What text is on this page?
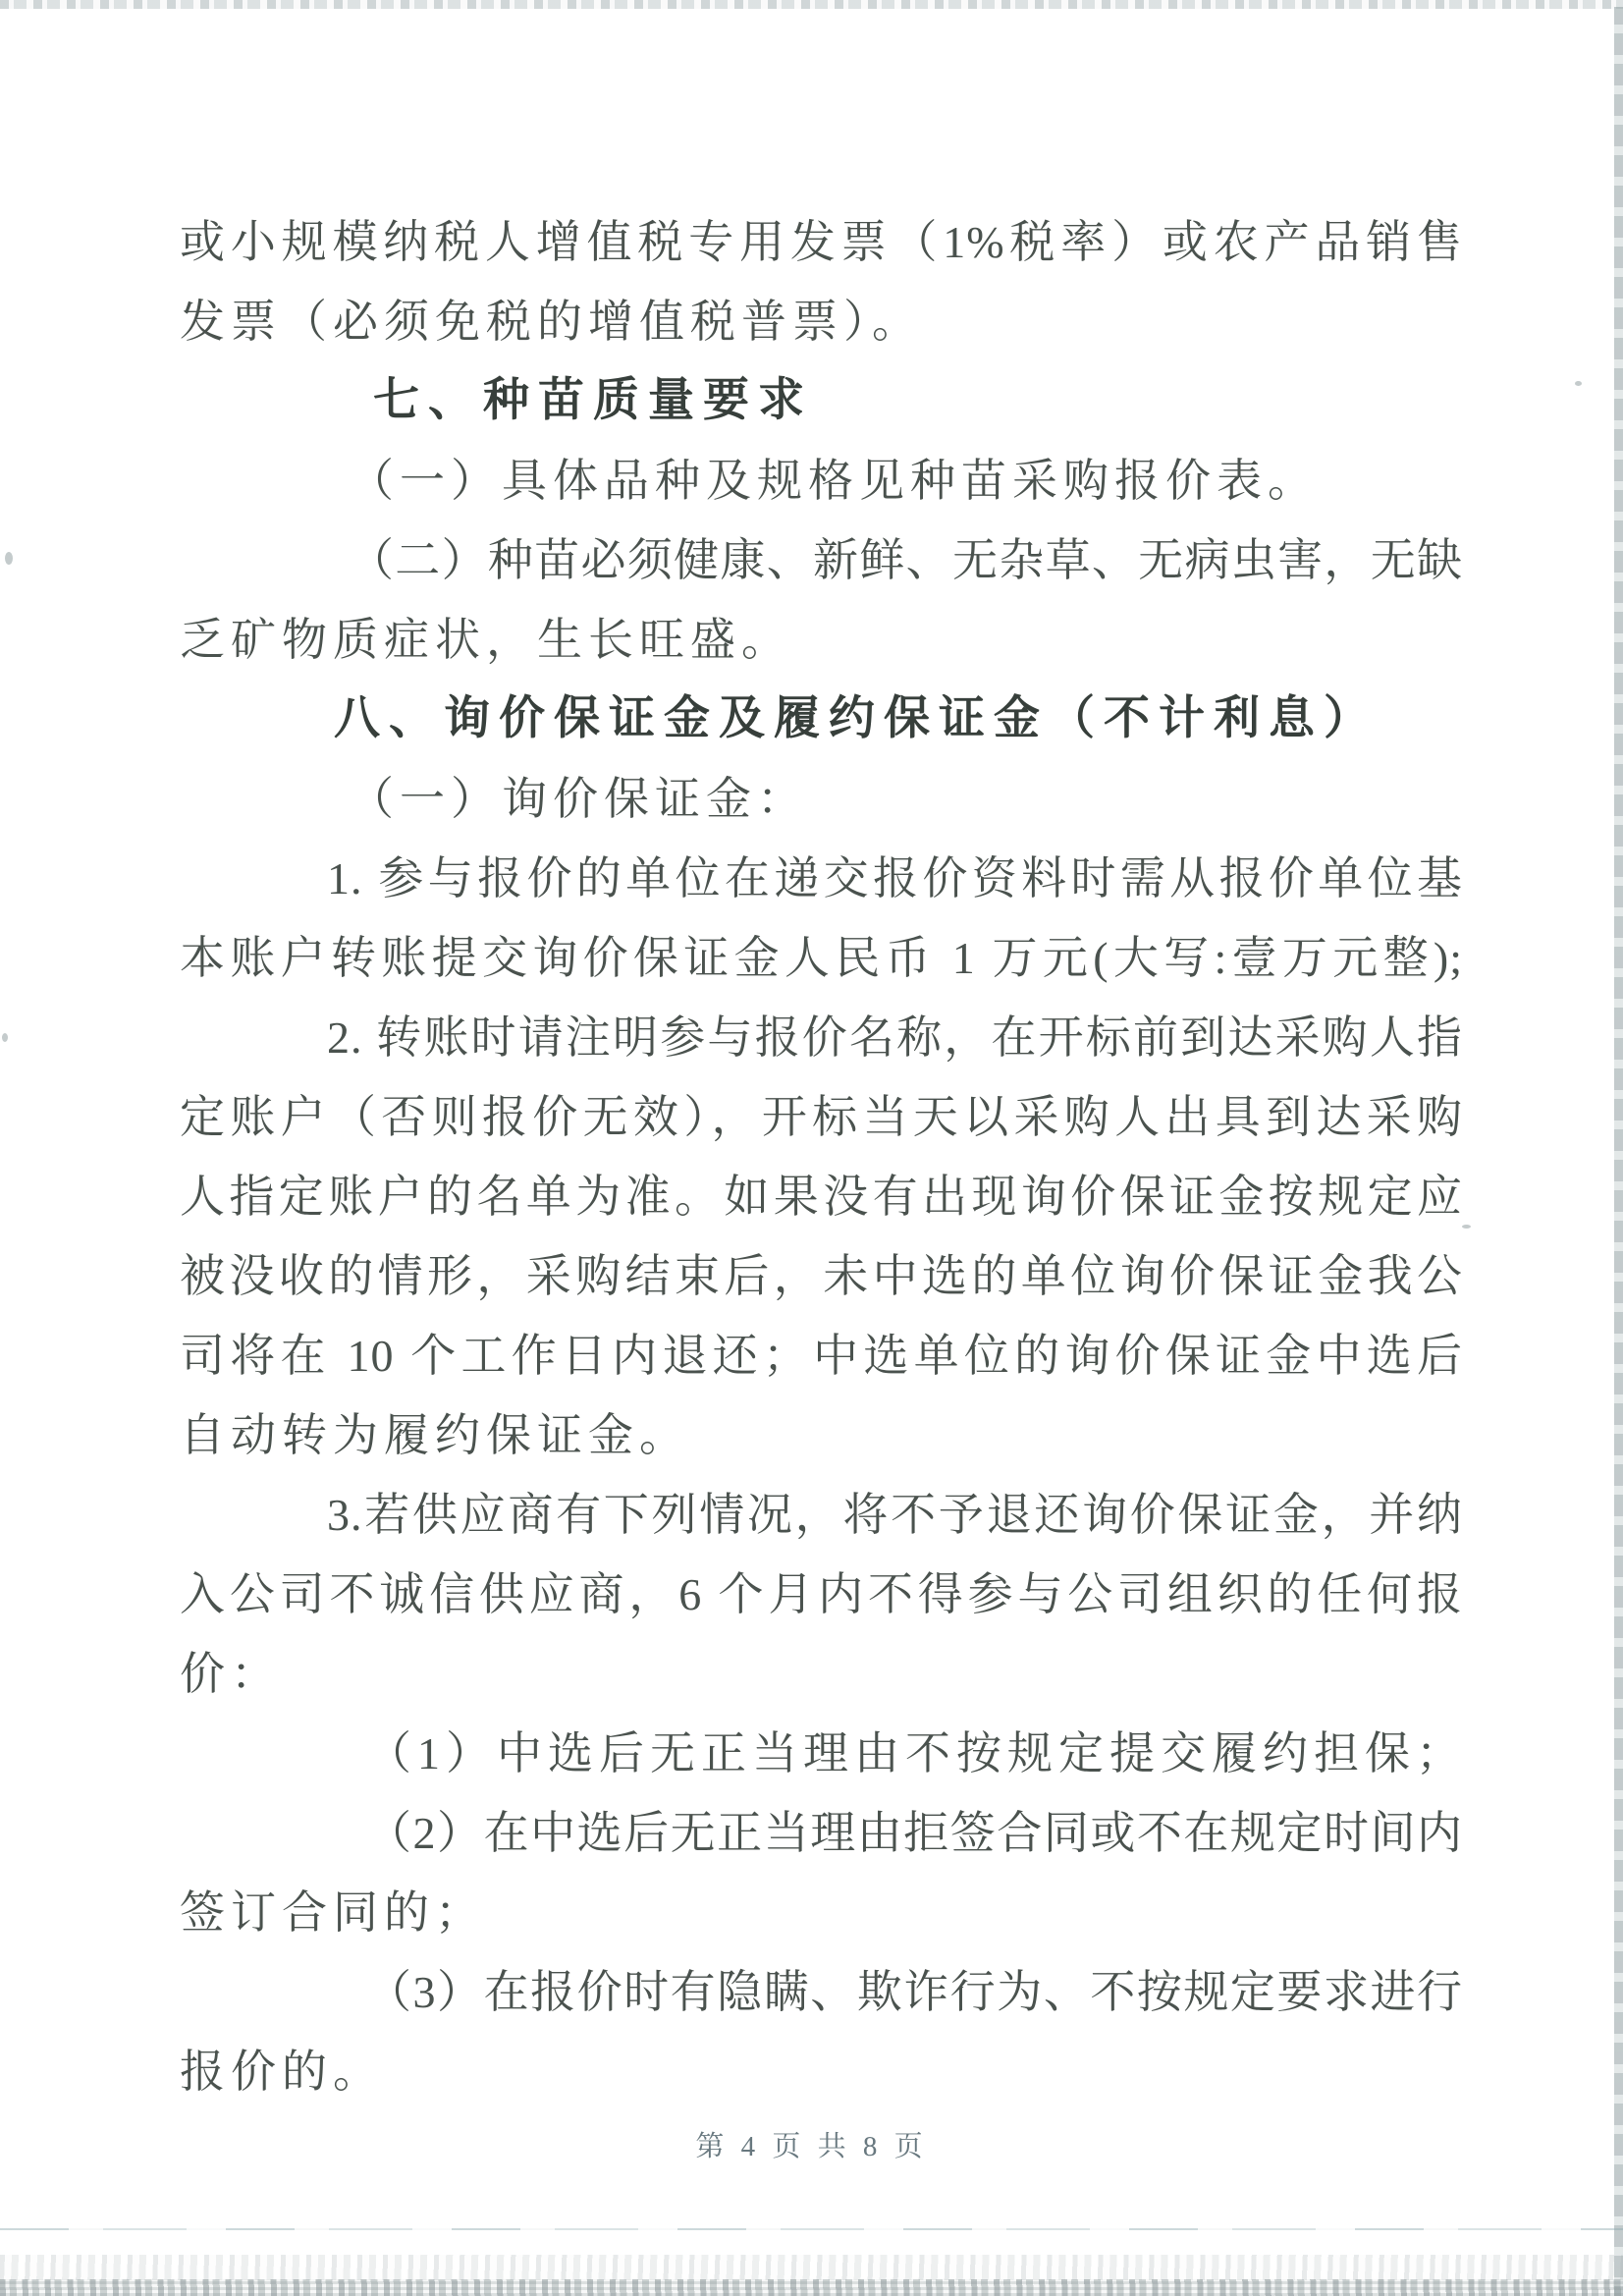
或小规模纳税人增值税专用发票（1%税率）或农产品销售
发票（必须免税的增值税普票）。
七、种苗质量要求
（一）具体品种及规格见种苗采购报价表。
（二）种苗必须健康、新鲜、无杂草、无病虫害，无缺
乏矿物质症状，生长旺盛。
八、询价保证金及履约保证金（不计利息）
（一）询价保证金：
1. 参与报价的单位在递交报价资料时需从报价单位基
本账户转账提交询价保证金人民币 1 万元(大写:壹万元整);
2. 转账时请注明参与报价名称，在开标前到达采购人指
定账户（否则报价无效），开标当天以采购人出具到达采购
人指定账户的名单为准。如果没有出现询价保证金按规定应
被没收的情形，采购结束后，未中选的单位询价保证金我公
司将在 10 个工作日内退还；中选单位的询价保证金中选后
自动转为履约保证金。
3.若供应商有下列情况，将不予退还询价保证金，并纳
入公司不诚信供应商，6 个月内不得参与公司组织的任何报
价：
（1）中选后无正当理由不按规定提交履约担保；
（2）在中选后无正当理由拒签合同或不在规定时间内
签订合同的；
（3）在报价时有隐瞒、欺诈行为、不按规定要求进行
报价的。
第 4 页 共 8 页
